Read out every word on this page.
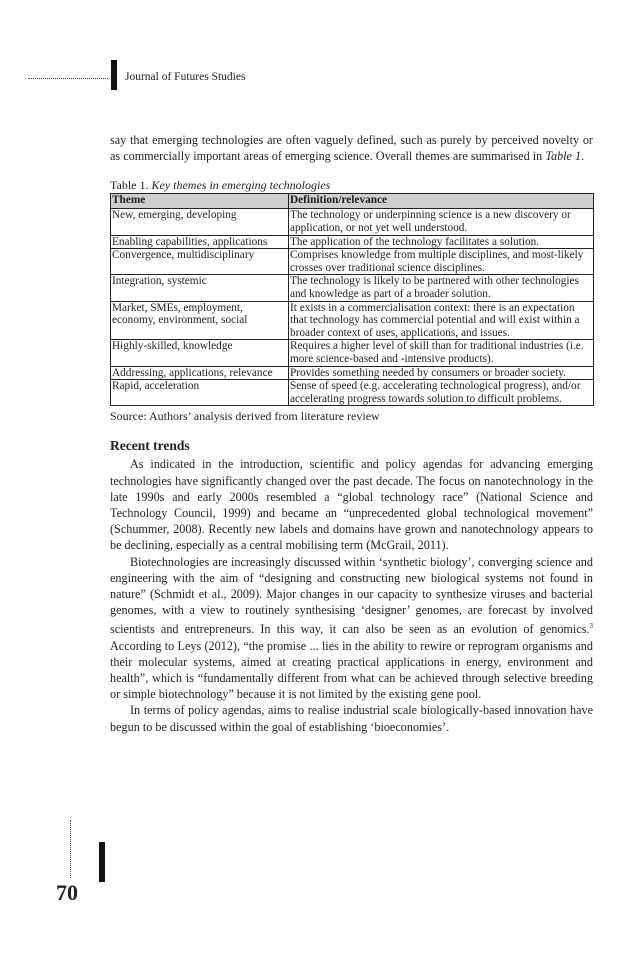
Journal of Futures Studies

say that emerging technologies are often vaguely defined, such as purely by perceived novelty or as commercially important areas of emerging science. Overall themes are summarised in Table 1.

Table 1. Key themes in emerging technologies
Theme	Definition/relevance
New, emerging, developing	The technology or underpinning science is a new discovery or application, or not yet well understood.
Enabling capabilities, applications	The application of the technology facilitates a solution.
Convergence, multidisciplinary	Comprises knowledge from multiple disciplines, and most-likely crosses over traditional science disciplines.
Integration, systemic	The technology is likely to be partnered with other technologies and knowledge as part of a broader solution.
Market, SMEs, employment, economy, environment, social	It exists in a commercialisation context: there is an expectation that technology has commercial potential and will exist within a broader context of uses, applications, and issues.
Highly-skilled, knowledge	Requires a higher level of skill than for traditional industries (i.e. more science-based and -intensive products).
Addressing, applications, relevance	Provides something needed by consumers or broader society.
Rapid, acceleration	Sense of speed (e.g. accelerating technological progress), and/or accelerating progress towards solution to difficult problems.
Source: Authors’ analysis derived from literature review
Recent trends

As indicated in the introduction, scientific and policy agendas for advancing emerging technologies have significantly changed over the past decade. The focus on nanotechnology in the late 1990s and early 2000s resembled a “global technology race” (National Science and Technology Council, 1999) and became an “unprecedented global technological movement” (Schummer, 2008). Recently new labels and domains have grown and nanotechnology appears to be declining, especially as a central mobilising term (McGrail, 2011).

Biotechnologies are increasingly discussed within ‘synthetic biology’, converging science and engineering with the aim of “designing and constructing new biological systems not found in nature” (Schmidt et al., 2009). Major changes in our capacity to synthesize viruses and bacterial genomes, with a view to routinely synthesising ‘designer’ genomes, are forecast by involved scientists and entrepreneurs. In this way, it can also be seen as an evolution of genomics.$^3$ According to Leys (2012), “the promise ... lies in the ability to rewire or reprogram organisms and their molecular systems, aimed at creating practical applications in energy, environment and health”, which is “fundamentally different from what can be achieved through selective breeding or simple biotechnology” because it is not limited by the existing gene pool.

In terms of policy agendas, aims to realise industrial scale biologically-based innovation have begun to be discussed within the goal of establishing ‘bioeconomies’.

70
